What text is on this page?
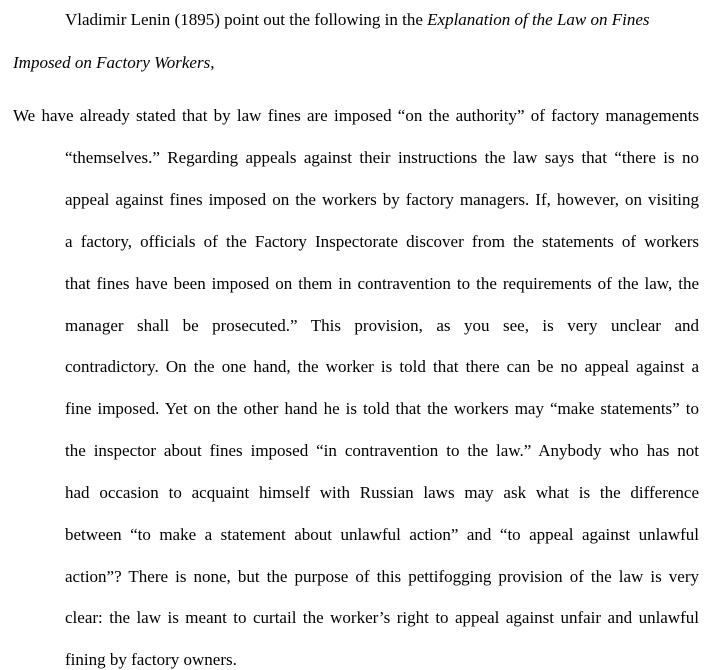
Vladimir Lenin (1895) point out the following in the Explanation of the Law on Fines
Imposed on Factory Workers,
We have already stated that by law fines are imposed “on the authority” of factory managements
“themselves.” Regarding appeals against their instructions the law says that “there is no
appeal against fines imposed on the workers by factory managers. If, however, on visiting
a factory, officials of the Factory Inspectorate discover from the statements of workers
that fines have been imposed on them in contravention to the requirements of the law, the
manager shall be prosecuted.” This provision, as you see, is very unclear and
contradictory. On the one hand, the worker is told that there can be no appeal against a
fine imposed. Yet on the other hand he is told that the workers may “make statements” to
the inspector about fines imposed “in contravention to the law.” Anybody who has not
had occasion to acquaint himself with Russian laws may ask what is the difference
between “to make a statement about unlawful action” and “to appeal against unlawful
action”? There is none, but the purpose of this pettifogging provision of the law is very
clear: the law is meant to curtail the worker’s right to appeal against unfair and unlawful
fining by factory owners.
